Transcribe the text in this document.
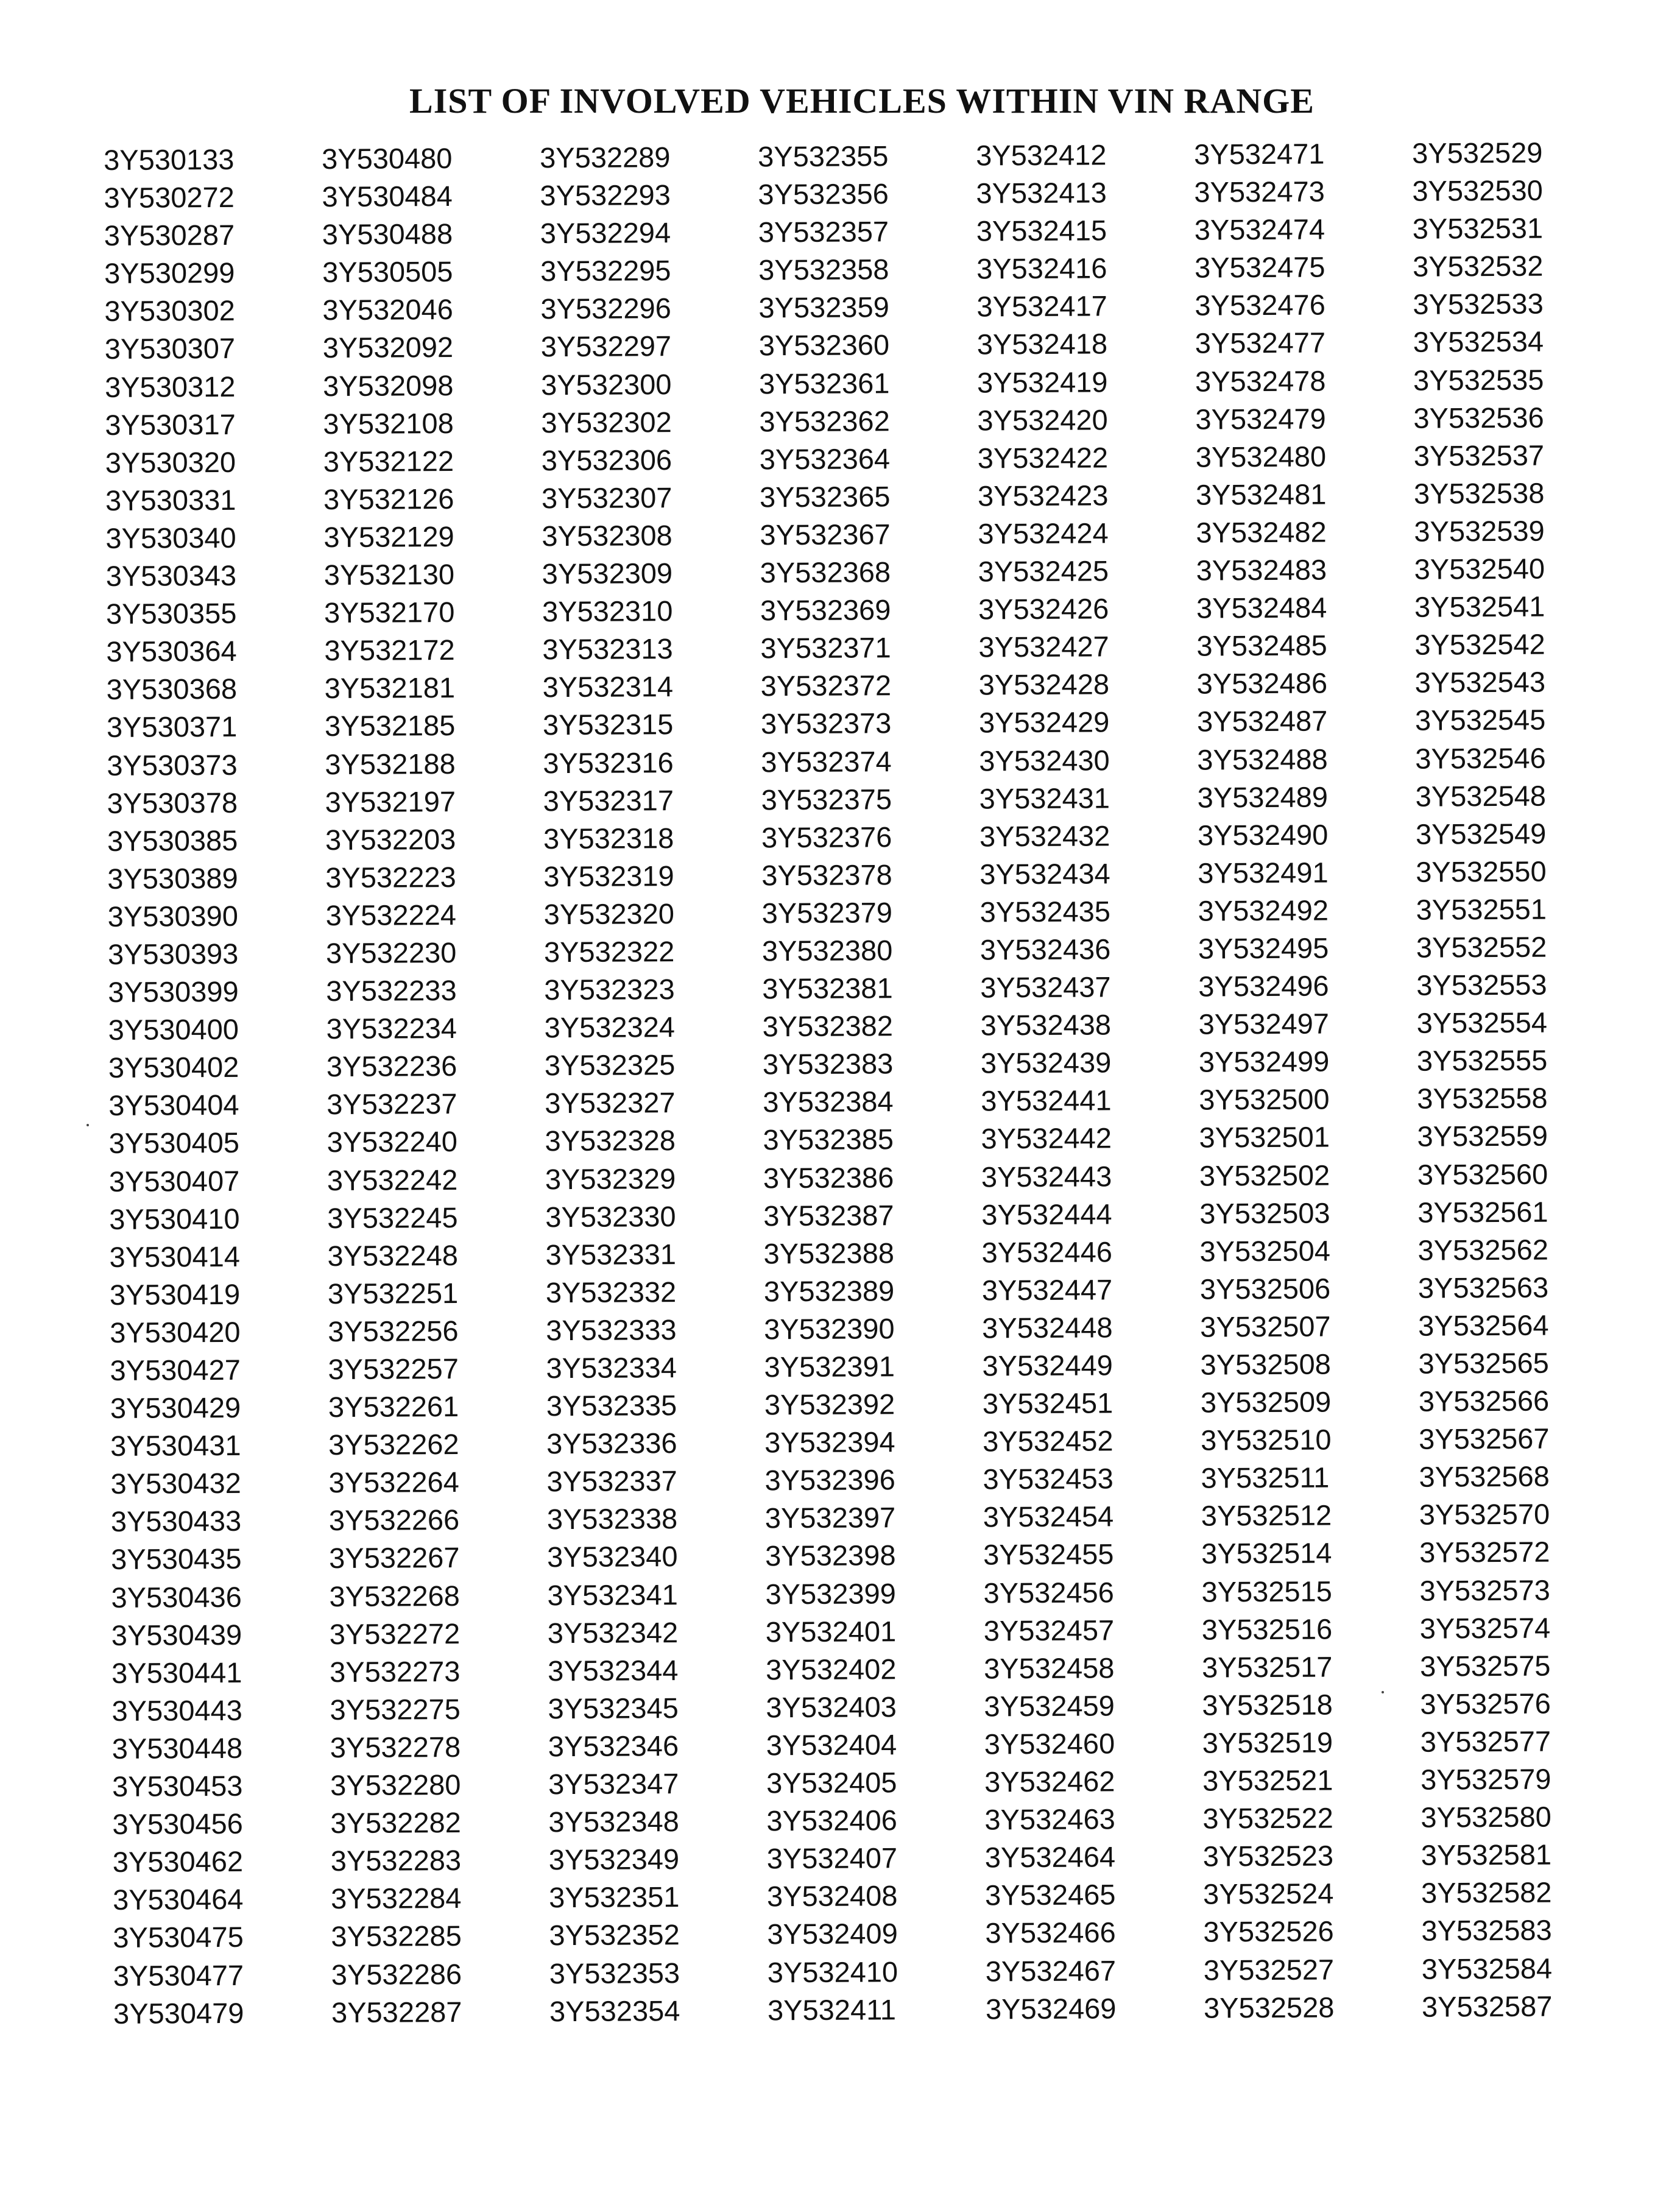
LIST OF INVOLVED VEHICLES WITHIN VIN RANGE
3Y530133
3Y530272
3Y530287
3Y530299
3Y530302
3Y530307
3Y530312
3Y530317
3Y530320
3Y530331
3Y530340
3Y530343
3Y530355
3Y530364
3Y530368
3Y530371
3Y530373
3Y530378
3Y530385
3Y530389
3Y530390
3Y530393
3Y530399
3Y530400
3Y530402
3Y530404
3Y530405
3Y530407
3Y530410
3Y530414
3Y530419
3Y530420
3Y530427
3Y530429
3Y530431
3Y530432
3Y530433
3Y530435
3Y530436
3Y530439
3Y530441
3Y530443
3Y530448
3Y530453
3Y530456
3Y530462
3Y530464
3Y530475
3Y530477
3Y530479
3Y530480
3Y530484
3Y530488
3Y530505
3Y532046
3Y532092
3Y532098
3Y532108
3Y532122
3Y532126
3Y532129
3Y532130
3Y532170
3Y532172
3Y532181
3Y532185
3Y532188
3Y532197
3Y532203
3Y532223
3Y532224
3Y532230
3Y532233
3Y532234
3Y532236
3Y532237
3Y532240
3Y532242
3Y532245
3Y532248
3Y532251
3Y532256
3Y532257
3Y532261
3Y532262
3Y532264
3Y532266
3Y532267
3Y532268
3Y532272
3Y532273
3Y532275
3Y532278
3Y532280
3Y532282
3Y532283
3Y532284
3Y532285
3Y532286
3Y532287
3Y532289
3Y532293
3Y532294
3Y532295
3Y532296
3Y532297
3Y532300
3Y532302
3Y532306
3Y532307
3Y532308
3Y532309
3Y532310
3Y532313
3Y532314
3Y532315
3Y532316
3Y532317
3Y532318
3Y532319
3Y532320
3Y532322
3Y532323
3Y532324
3Y532325
3Y532327
3Y532328
3Y532329
3Y532330
3Y532331
3Y532332
3Y532333
3Y532334
3Y532335
3Y532336
3Y532337
3Y532338
3Y532340
3Y532341
3Y532342
3Y532344
3Y532345
3Y532346
3Y532347
3Y532348
3Y532349
3Y532351
3Y532352
3Y532353
3Y532354
3Y532355
3Y532356
3Y532357
3Y532358
3Y532359
3Y532360
3Y532361
3Y532362
3Y532364
3Y532365
3Y532367
3Y532368
3Y532369
3Y532371
3Y532372
3Y532373
3Y532374
3Y532375
3Y532376
3Y532378
3Y532379
3Y532380
3Y532381
3Y532382
3Y532383
3Y532384
3Y532385
3Y532386
3Y532387
3Y532388
3Y532389
3Y532390
3Y532391
3Y532392
3Y532394
3Y532396
3Y532397
3Y532398
3Y532399
3Y532401
3Y532402
3Y532403
3Y532404
3Y532405
3Y532406
3Y532407
3Y532408
3Y532409
3Y532410
3Y532411
3Y532412
3Y532413
3Y532415
3Y532416
3Y532417
3Y532418
3Y532419
3Y532420
3Y532422
3Y532423
3Y532424
3Y532425
3Y532426
3Y532427
3Y532428
3Y532429
3Y532430
3Y532431
3Y532432
3Y532434
3Y532435
3Y532436
3Y532437
3Y532438
3Y532439
3Y532441
3Y532442
3Y532443
3Y532444
3Y532446
3Y532447
3Y532448
3Y532449
3Y532451
3Y532452
3Y532453
3Y532454
3Y532455
3Y532456
3Y532457
3Y532458
3Y532459
3Y532460
3Y532462
3Y532463
3Y532464
3Y532465
3Y532466
3Y532467
3Y532469
3Y532471
3Y532473
3Y532474
3Y532475
3Y532476
3Y532477
3Y532478
3Y532479
3Y532480
3Y532481
3Y532482
3Y532483
3Y532484
3Y532485
3Y532486
3Y532487
3Y532488
3Y532489
3Y532490
3Y532491
3Y532492
3Y532495
3Y532496
3Y532497
3Y532499
3Y532500
3Y532501
3Y532502
3Y532503
3Y532504
3Y532506
3Y532507
3Y532508
3Y532509
3Y532510
3Y532511
3Y532512
3Y532514
3Y532515
3Y532516
3Y532517
3Y532518
3Y532519
3Y532521
3Y532522
3Y532523
3Y532524
3Y532526
3Y532527
3Y532528
3Y532529
3Y532530
3Y532531
3Y532532
3Y532533
3Y532534
3Y532535
3Y532536
3Y532537
3Y532538
3Y532539
3Y532540
3Y532541
3Y532542
3Y532543
3Y532545
3Y532546
3Y532548
3Y532549
3Y532550
3Y532551
3Y532552
3Y532553
3Y532554
3Y532555
3Y532558
3Y532559
3Y532560
3Y532561
3Y532562
3Y532563
3Y532564
3Y532565
3Y532566
3Y532567
3Y532568
3Y532570
3Y532572
3Y532573
3Y532574
3Y532575
3Y532576
3Y532577
3Y532579
3Y532580
3Y532581
3Y532582
3Y532583
3Y532584
3Y532587
